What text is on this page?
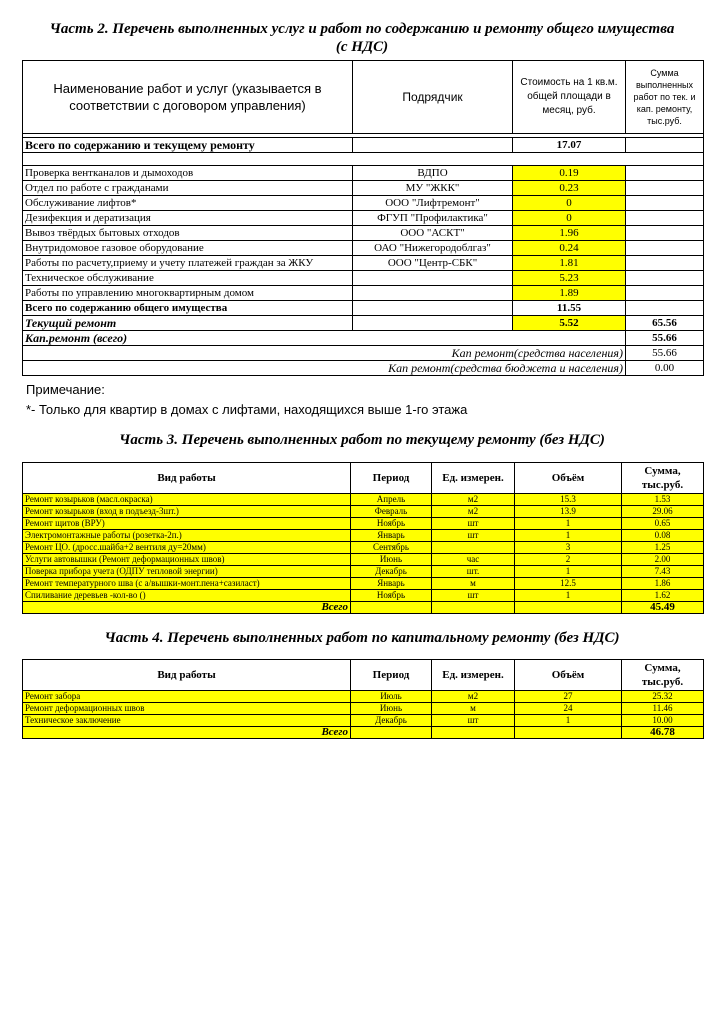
Часть 2. Перечень выполненных услуг и работ по содержанию и ремонту общего имущества
(с НДС)
Наименование работ и услуг (указывается в соответствии с договором управления)	Подрядчик	Стоимость на 1 кв.м. общей площади в месяц, руб.	Сумма выполненных работ по тек. и кап. ремонту, тыс.руб.

Всего по содержанию и текущему ремонту		17.07	

Проверка вентканалов и дымоходов	ВДПО	0.19	
Отдел по работе с гражданами	МУ "ЖКК"	0.23	
Обслуживание лифтов*	ООО "Лифтремонт"	0	
Дезифекция и дератизация	ФГУП "Профилактика"	0	
Вывоз твёрдых бытовых отходов	ООО "АСКТ"	1.96	
Внутридомовое газовое оборудование	ОАО "Нижегородоблгаз"	0.24	
Работы по расчету,приему и учету платежей граждан за ЖКУ	ООО "Центр-СБК"	1.81	
Техническое обслуживание		5.23	
Работы по управлению многоквартирным домом		1.89	
Всего по содержанию общего имущества		11.55	
Текущий ремонт		5.52	65.56
Кап.ремонт (всего)			55.66
Кап ремонт(средства населения)			55.66
Кап ремонт(средства бюджета и населения)			0.00
Примечание:
*- Только для квартир в домах с лифтами, находящихся выше 1-го этажа
Часть 3. Перечень выполненных работ по текущему ремонту (без НДС)
Вид работы	Период	Ед. измерен.	Объём	Сумма, тыс.руб.
Ремонт козырьков (масл.окраска)	Апрель	м2	15.3	1.53
Ремонт козырьков (вход в подъезд-3шт.)	Февраль	м2	13.9	29.06
Ремонт щитов (ВРУ)	Ноябрь	шт	1	0.65
Электромонтажные работы (розетка-2п.)	Январь	шт	1	0.08
Ремонт ЦО. (дросс.шайба+2 вентиля ду=20мм)	Сентябрь		3	1.25
Услуги автовышки (Ремонт деформационных швов)	Июнь	час	2	2.00
Поверка прибора учета (ОДПУ тепловой энергии)	Декабрь	шт.	1	7.43
Ремонт температурного шва (с а/вышки-монт.пена+сазиласт)	Январь	м	12.5	1.86
Спиливание деревьев -кол-во ()	Ноябрь	шт	1	1.62
Всего				45.49
Часть 4. Перечень выполненных работ по капитальному ремонту (без НДС)
Вид работы	Период	Ед. измерен.	Объём	Сумма, тыс.руб.
Ремонт забора	Июль	м2	27	25.32
Ремонт деформационных швов	Июнь	м	24	11.46
Техническое заключение	Декабрь	шт	1	10.00
Всего				46.78
